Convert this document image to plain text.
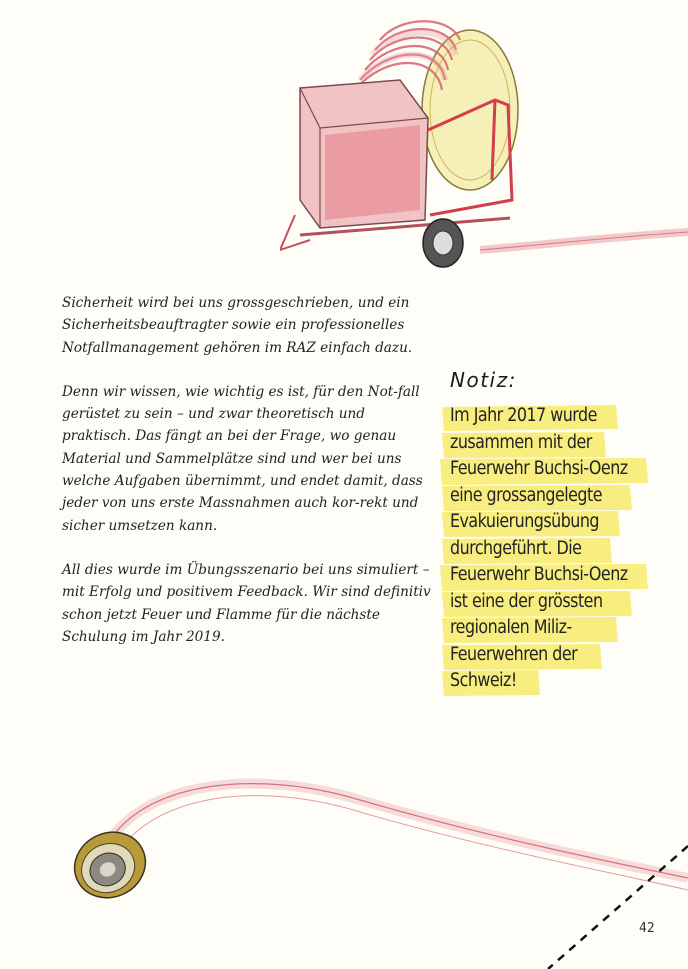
Sicherheit wird bei uns grossgeschrieben, und ein Sicherheitsbeauftragter sowie ein professionelles Notfallmanagement gehören im RAZ einfach dazu.

Denn wir wissen, wie wichtig es ist, für den Not-fall gerüstet zu sein – und zwar theoretisch und praktisch. Das fängt an bei der Frage, wo genau Material und Sammelplätze sind und wer bei uns welche Aufgaben übernimmt, und endet damit, dass jeder von uns erste Massnahmen auch kor-rekt und sicher umsetzen kann.

All dies wurde im Übungsszenario bei uns simuliert – mit Erfolg und positivem Feedback. Wir sind definitiv schon jetzt Feuer und Flamme für die nächste Schulung im Jahr 2019.

Notiz:
Im Jahr 2017 wurde
zusammen mit der
Feuerwehr Buchsi-Oenz
eine grossangelegte
Evakuierungsübung
durchgeführt. Die
Feuerwehr Buchsi-Oenz
ist eine der grössten
regionalen Miliz-
Feuerwehren der
Schweiz!
42
